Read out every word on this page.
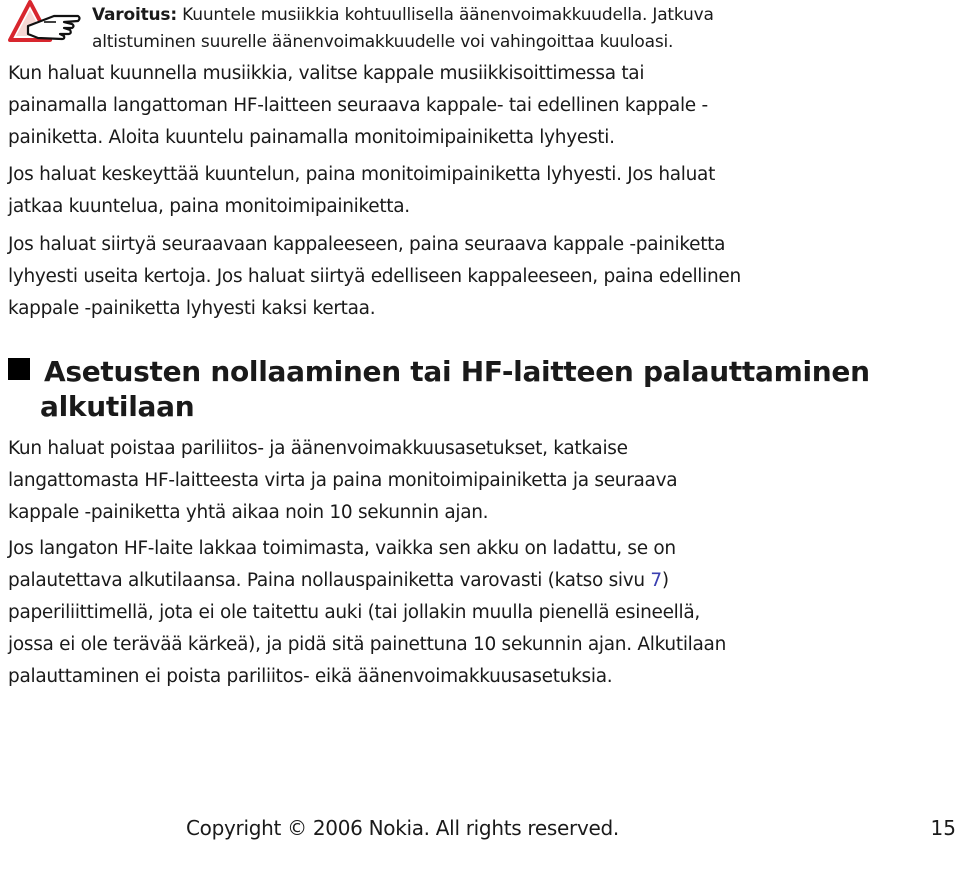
Varoitus: Kuuntele musiikkia kohtuullisella äänenvoimakkuudella. Jatkuva
altistuminen suurelle äänenvoimakkuudelle voi vahingoittaa kuuloasi.

Kun haluat kuunnella musiikkia, valitse kappale musiikkisoittimessa tai
painamalla langattoman HF-laitteen seuraava kappale- tai edellinen kappale -
painiketta. Aloita kuuntelu painamalla monitoimipainiketta lyhyesti.

Jos haluat keskeyttää kuuntelun, paina monitoimipainiketta lyhyesti. Jos haluat
jatkaa kuuntelua, paina monitoimipainiketta.

Jos haluat siirtyä seuraavaan kappaleeseen, paina seuraava kappale -painiketta
lyhyesti useita kertoja. Jos haluat siirtyä edelliseen kappaleeseen, paina edellinen
kappale -painiketta lyhyesti kaksi kertaa.

Asetusten nollaaminen tai HF-laitteen palauttaminen
alkutilaan

Kun haluat poistaa pariliitos- ja äänenvoimakkuusasetukset, katkaise
langattomasta HF-laitteesta virta ja paina monitoimipainiketta ja seuraava
kappale -painiketta yhtä aikaa noin 10 sekunnin ajan.

Jos langaton HF-laite lakkaa toimimasta, vaikka sen akku on ladattu, se on
palautettava alkutilaansa. Paina nollauspainiketta varovasti (katso sivu 7)
paperiliittimellä, jota ei ole taitettu auki (tai jollakin muulla pienellä esineellä,
jossa ei ole terävää kärkeä), ja pidä sitä painettuna 10 sekunnin ajan. Alkutilaan
palauttaminen ei poista pariliitos- eikä äänenvoimakkuusasetuksia.

Copyright © 2006 Nokia. All rights reserved.	15
